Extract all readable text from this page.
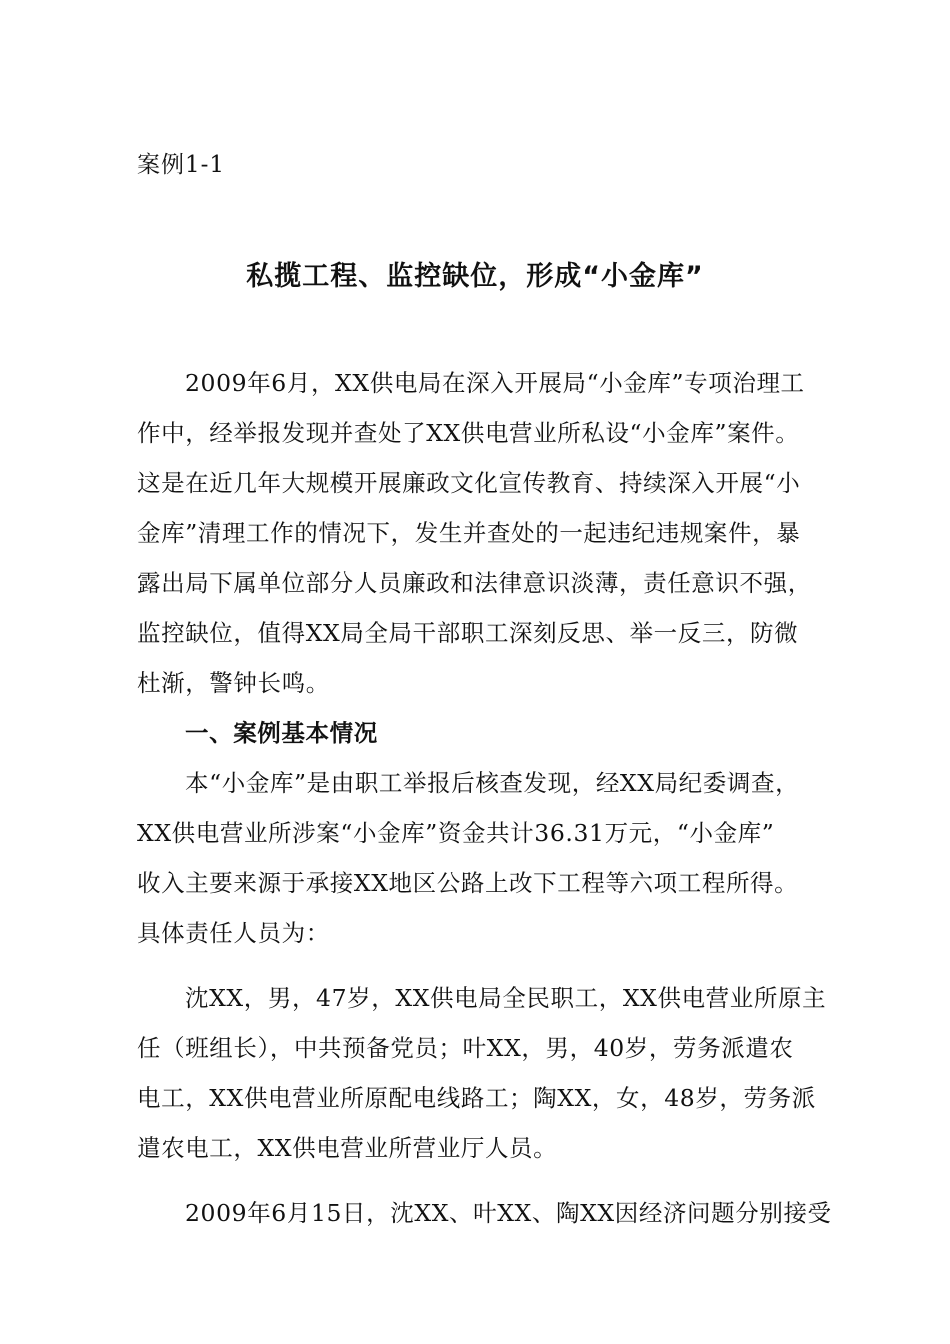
案例1-1
私揽工程、监控缺位，形成“小金库”
2009年6月，XX供电局在深入开展局“小金库”专项治理工
作中，经举报发现并查处了XX供电营业所私设“小金库”案件。
这是在近几年大规模开展廉政文化宣传教育、持续深入开展“小
金库”清理工作的情况下，发生并查处的一起违纪违规案件，暴
露出局下属单位部分人员廉政和法律意识淡薄，责任意识不强，
监控缺位，值得XX局全局干部职工深刻反思、举一反三，防微
杜渐，警钟长鸣。
一、案例基本情况
本“小金库”是由职工举报后核查发现，经XX局纪委调查，
XX供电营业所涉案“小金库”资金共计36.31万元，“小金库”
收入主要来源于承接XX地区公路上改下工程等六项工程所得。
具体责任人员为：
沈XX，男，47岁，XX供电局全民职工，XX供电营业所原主
任（班组长），中共预备党员；叶XX，男，40岁，劳务派遣农
电工，XX供电营业所原配电线路工；陶XX，女，48岁，劳务派
遣农电工，XX供电营业所营业厅人员。
2009年6月15日，沈XX、叶XX、陶XX因经济问题分别接受
